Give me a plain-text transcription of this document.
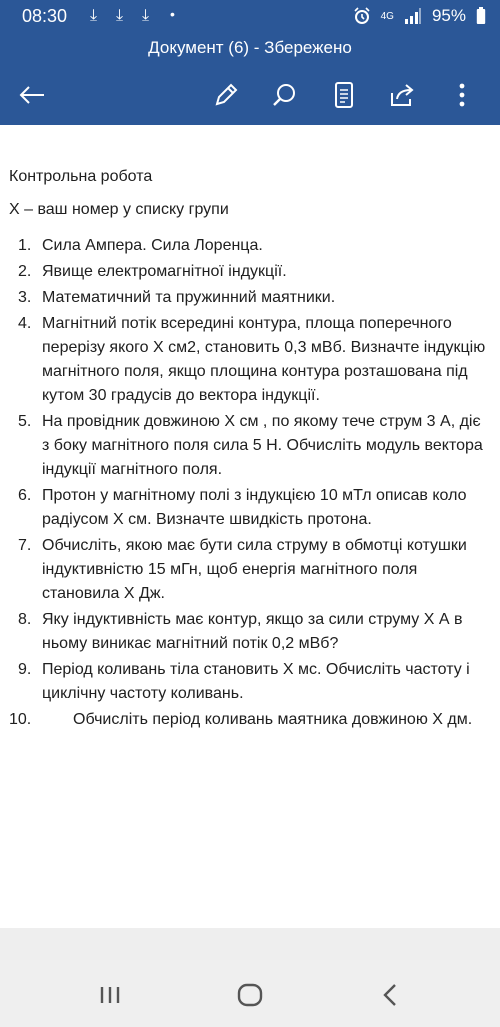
08:30 ⤓ ⤓ ⤓ •	4G 95%
Документ (6) - Збережено
Контрольна робота
Х – ваш номер у списку групи
1. Сила Ампера. Сила Лоренца.
2. Явище електромагнітної індукції.
3. Математичний та пружинний маятники.
4. Магнітний потік всередині контура, площа поперечного перерізу якого Х см2, становить 0,3 мВб. Визначте індукцію магнітного поля, якщо площина контура розташована під кутом 30 градусів до вектора індукції.
5. На провідник довжиною Х см , по якому тече струм 3 А, діє з боку магнітного поля сила 5 Н. Обчисліть модуль вектора індукції магнітного поля.
6. Протон у магнітному полі з індукцією 10 мТл описав коло радіусом Х см. Визначте швидкість протона.
7. Обчисліть, якою має бути сила струму в обмотці котушки індуктивністю 15 мГн, щоб енергія магнітного поля становила Х Дж.
8. Яку індуктивність має контур, якщо за сили струму Х А в ньому виникає магнітний потік 0,2 мВб?
9. Період коливань тіла становить Х мс. Обчисліть частоту і циклічну частоту коливань.
10.	Обчисліть період коливань маятника довжиною Х дм.
